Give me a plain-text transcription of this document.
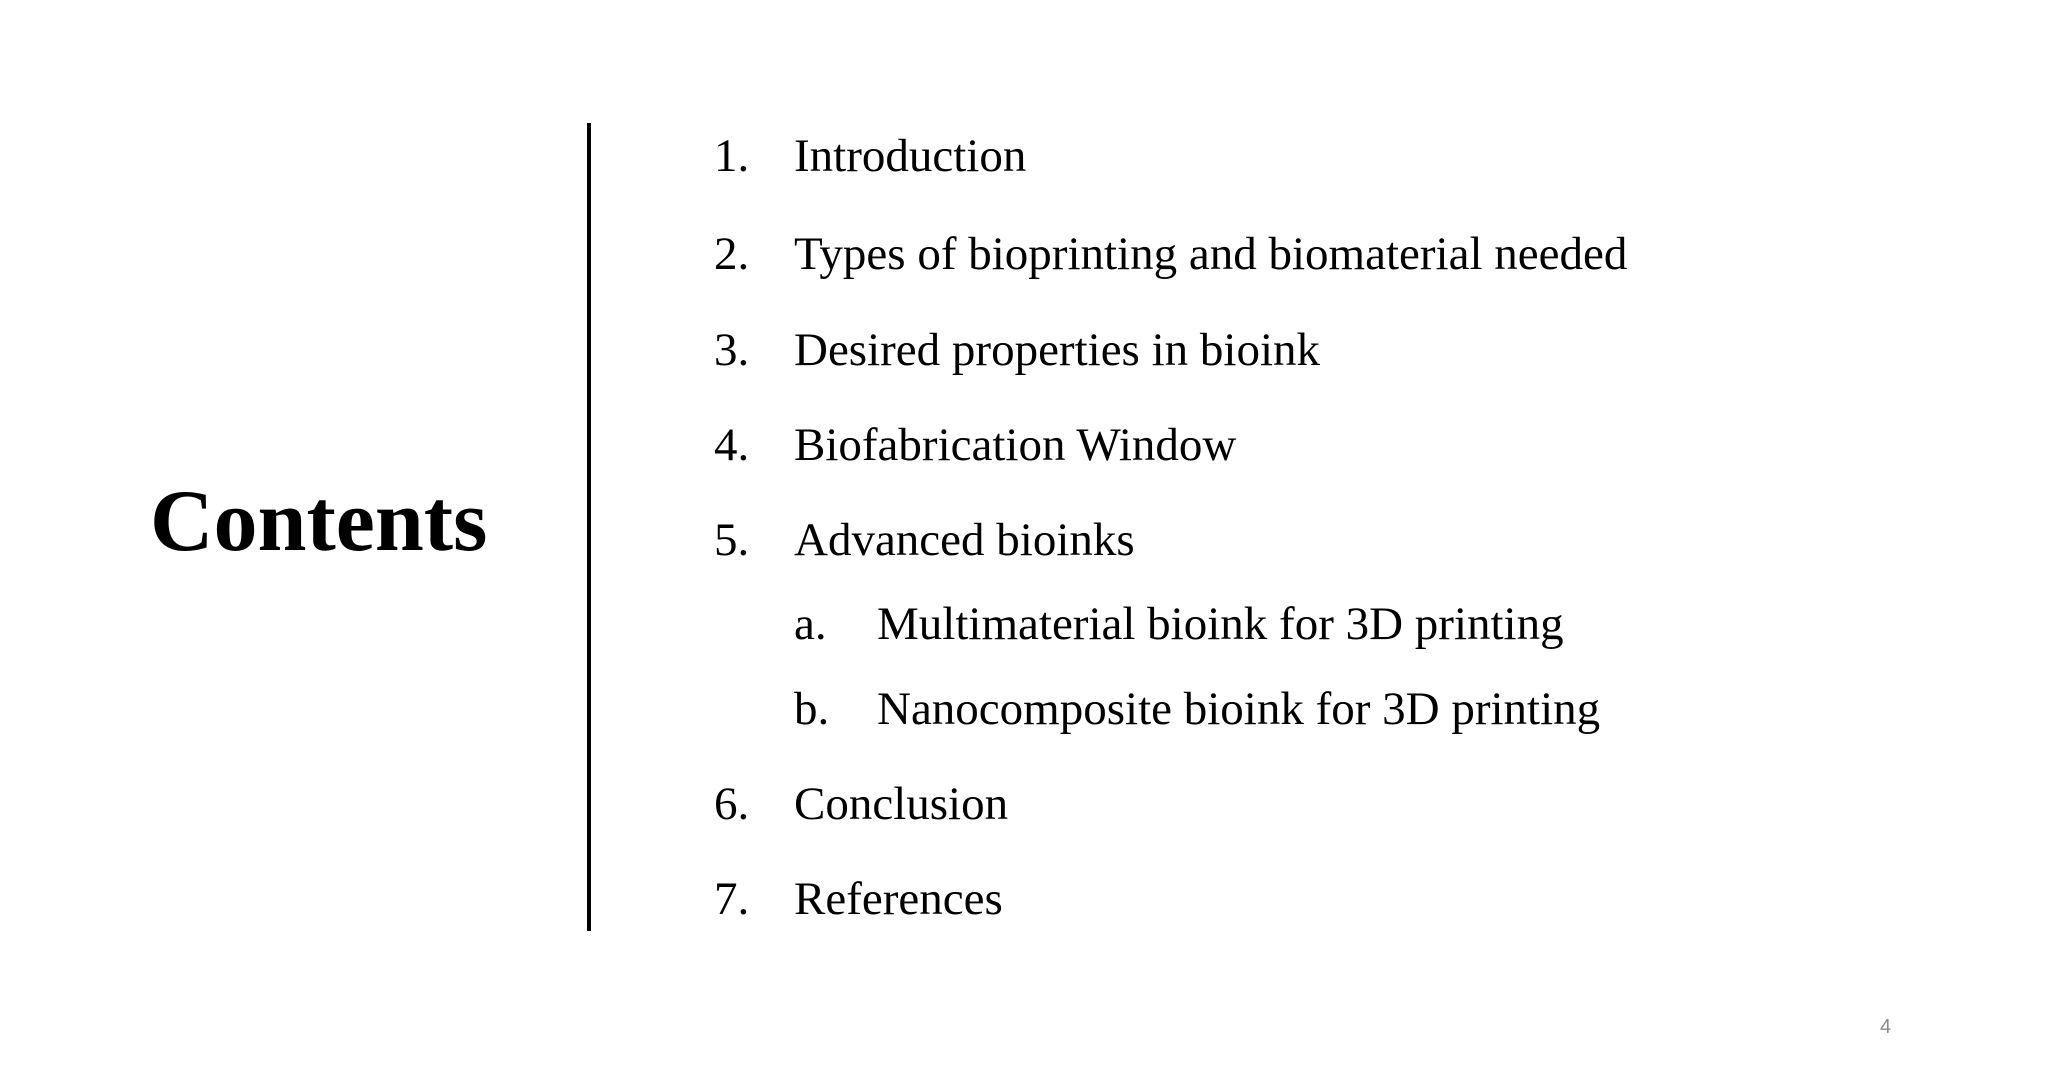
Contents
1. Introduction
2. Types of bioprinting and biomaterial needed
3. Desired properties in bioink
4. Biofabrication Window
5. Advanced bioinks
a. Multimaterial bioink for 3D printing
b. Nanocomposite bioink for 3D printing
6. Conclusion
7. References
4
